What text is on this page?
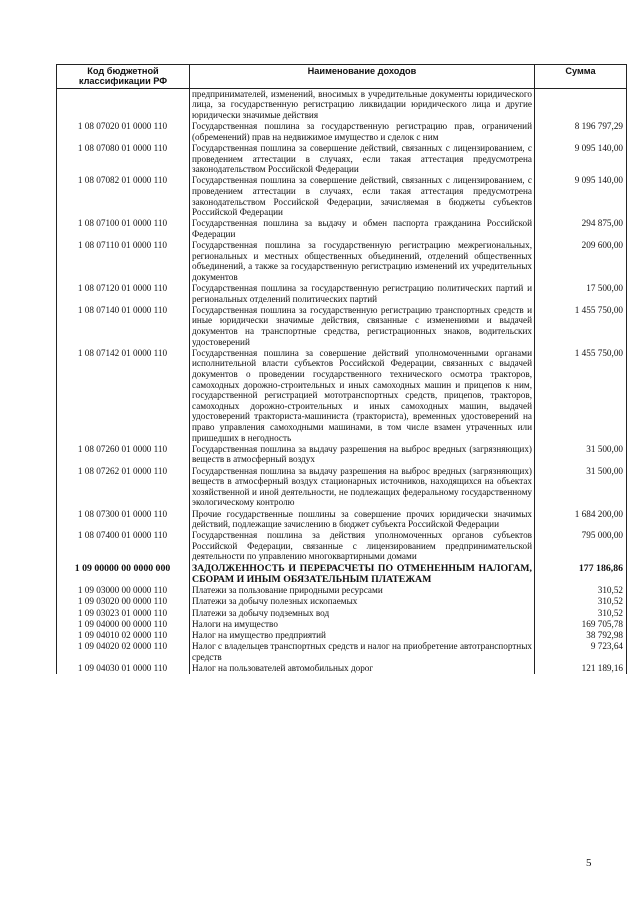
Код бюджетной классификации РФ	Наименование доходов	Сумма
	предпринимателей, изменений, вносимых в учредительные документы юридического лица, за государственную регистрацию ликвидации юридического лица и другие юридически значимые действия	
1 08 07020 01 0000 110	Государственная пошлина за государственную регистрацию прав, ограничений (обременений) прав на недвижимое имущество и сделок с ним	8 196 797,29
1 08 07080 01 0000 110	Государственная пошлина за совершение действий, связанных с лицензированием, с проведением аттестации в случаях, если такая аттестация предусмотрена законодательством Российской Федерации	9 095 140,00
1 08 07082 01 0000 110	Государственная пошлина за совершение действий, связанных с лицензированием, с проведением аттестации в случаях, если такая аттестация предусмотрена законодательством Российской Федерации, зачисляемая в бюджеты субъектов Российской Федерации	9 095 140,00
1 08 07100 01 0000 110	Государственная пошлина за выдачу и обмен паспорта гражданина Российской Федерации	294 875,00
1 08 07110 01 0000 110	Государственная пошлина за государственную регистрацию межрегиональных, региональных и местных общественных объединений, отделений общественных объединений, а также за государственную регистрацию изменений их учредительных документов	209 600,00
1 08 07120 01 0000 110	Государственная пошлина за государственную регистрацию политических партий и региональных отделений политических партий	17 500,00
1 08 07140 01 0000 110	Государственная пошлина за государственную регистрацию транспортных средств и иные юридически значимые действия, связанные с изменениями и выдачей документов на транспортные средства, регистрационных знаков, водительских удостоверений	1 455 750,00
1 08 07142 01 0000 110	Государственная пошлина за совершение действий уполномоченными органами исполнительной власти субъектов Российской Федерации, связанных с выдачей документов о проведении государственного технического осмотра тракторов, самоходных дорожно-строительных и иных самоходных машин и прицепов к ним, государственной регистрацией мототранспортных средств, прицепов, тракторов, самоходных дорожно-строительных и иных самоходных машин, выдачей удостоверений тракториста-машиниста (тракториста), временных удостоверений на право управления самоходными машинами, в том числе взамен утраченных или пришедших в негодность	1 455 750,00
1 08 07260 01 0000 110	Государственная пошлина за выдачу разрешения на выброс вредных (загрязняющих) веществ в атмосферный воздух	31 500,00
1 08 07262 01 0000 110	Государственная пошлина за выдачу разрешения на выброс вредных (загрязняющих) веществ в атмосферный воздух стационарных источников, находящихся на объектах хозяйственной и иной деятельности, не подлежащих федеральному государственному экологическому контролю	31 500,00
1 08 07300 01 0000 110	Прочие государственные пошлины за совершение прочих юридически значимых действий, подлежащие зачислению в бюджет субъекта Российской Федерации	1 684 200,00
1 08 07400 01 0000 110	Государственная пошлина за действия уполномоченных органов субъектов Российской Федерации, связанные с лицензированием предпринимательской деятельности по управлению многоквартирными домами	795 000,00
1 09 00000 00 0000 000	ЗАДОЛЖЕННОСТЬ И ПЕРЕРАСЧЕТЫ ПО ОТМЕНЕННЫМ НАЛОГАМ, СБОРАМ И ИНЫМ ОБЯЗАТЕЛЬНЫМ ПЛАТЕЖАМ	177 186,86
1 09 03000 00 0000 110	Платежи за пользование природными ресурсами	310,52
1 09 03020 00 0000 110	Платежи за добычу полезных ископаемых	310,52
1 09 03023 01 0000 110	Платежи за добычу подземных вод	310,52
1 09 04000 00 0000 110	Налоги на имущество	169 705,78
1 09 04010 02 0000 110	Налог на имущество предприятий	38 792,98
1 09 04020 02 0000 110	Налог с владельцев транспортных средств и налог на приобретение автотранспортных средств	9 723,64
1 09 04030 01 0000 110	Налог на пользователей автомобильных дорог	121 189,16
5
